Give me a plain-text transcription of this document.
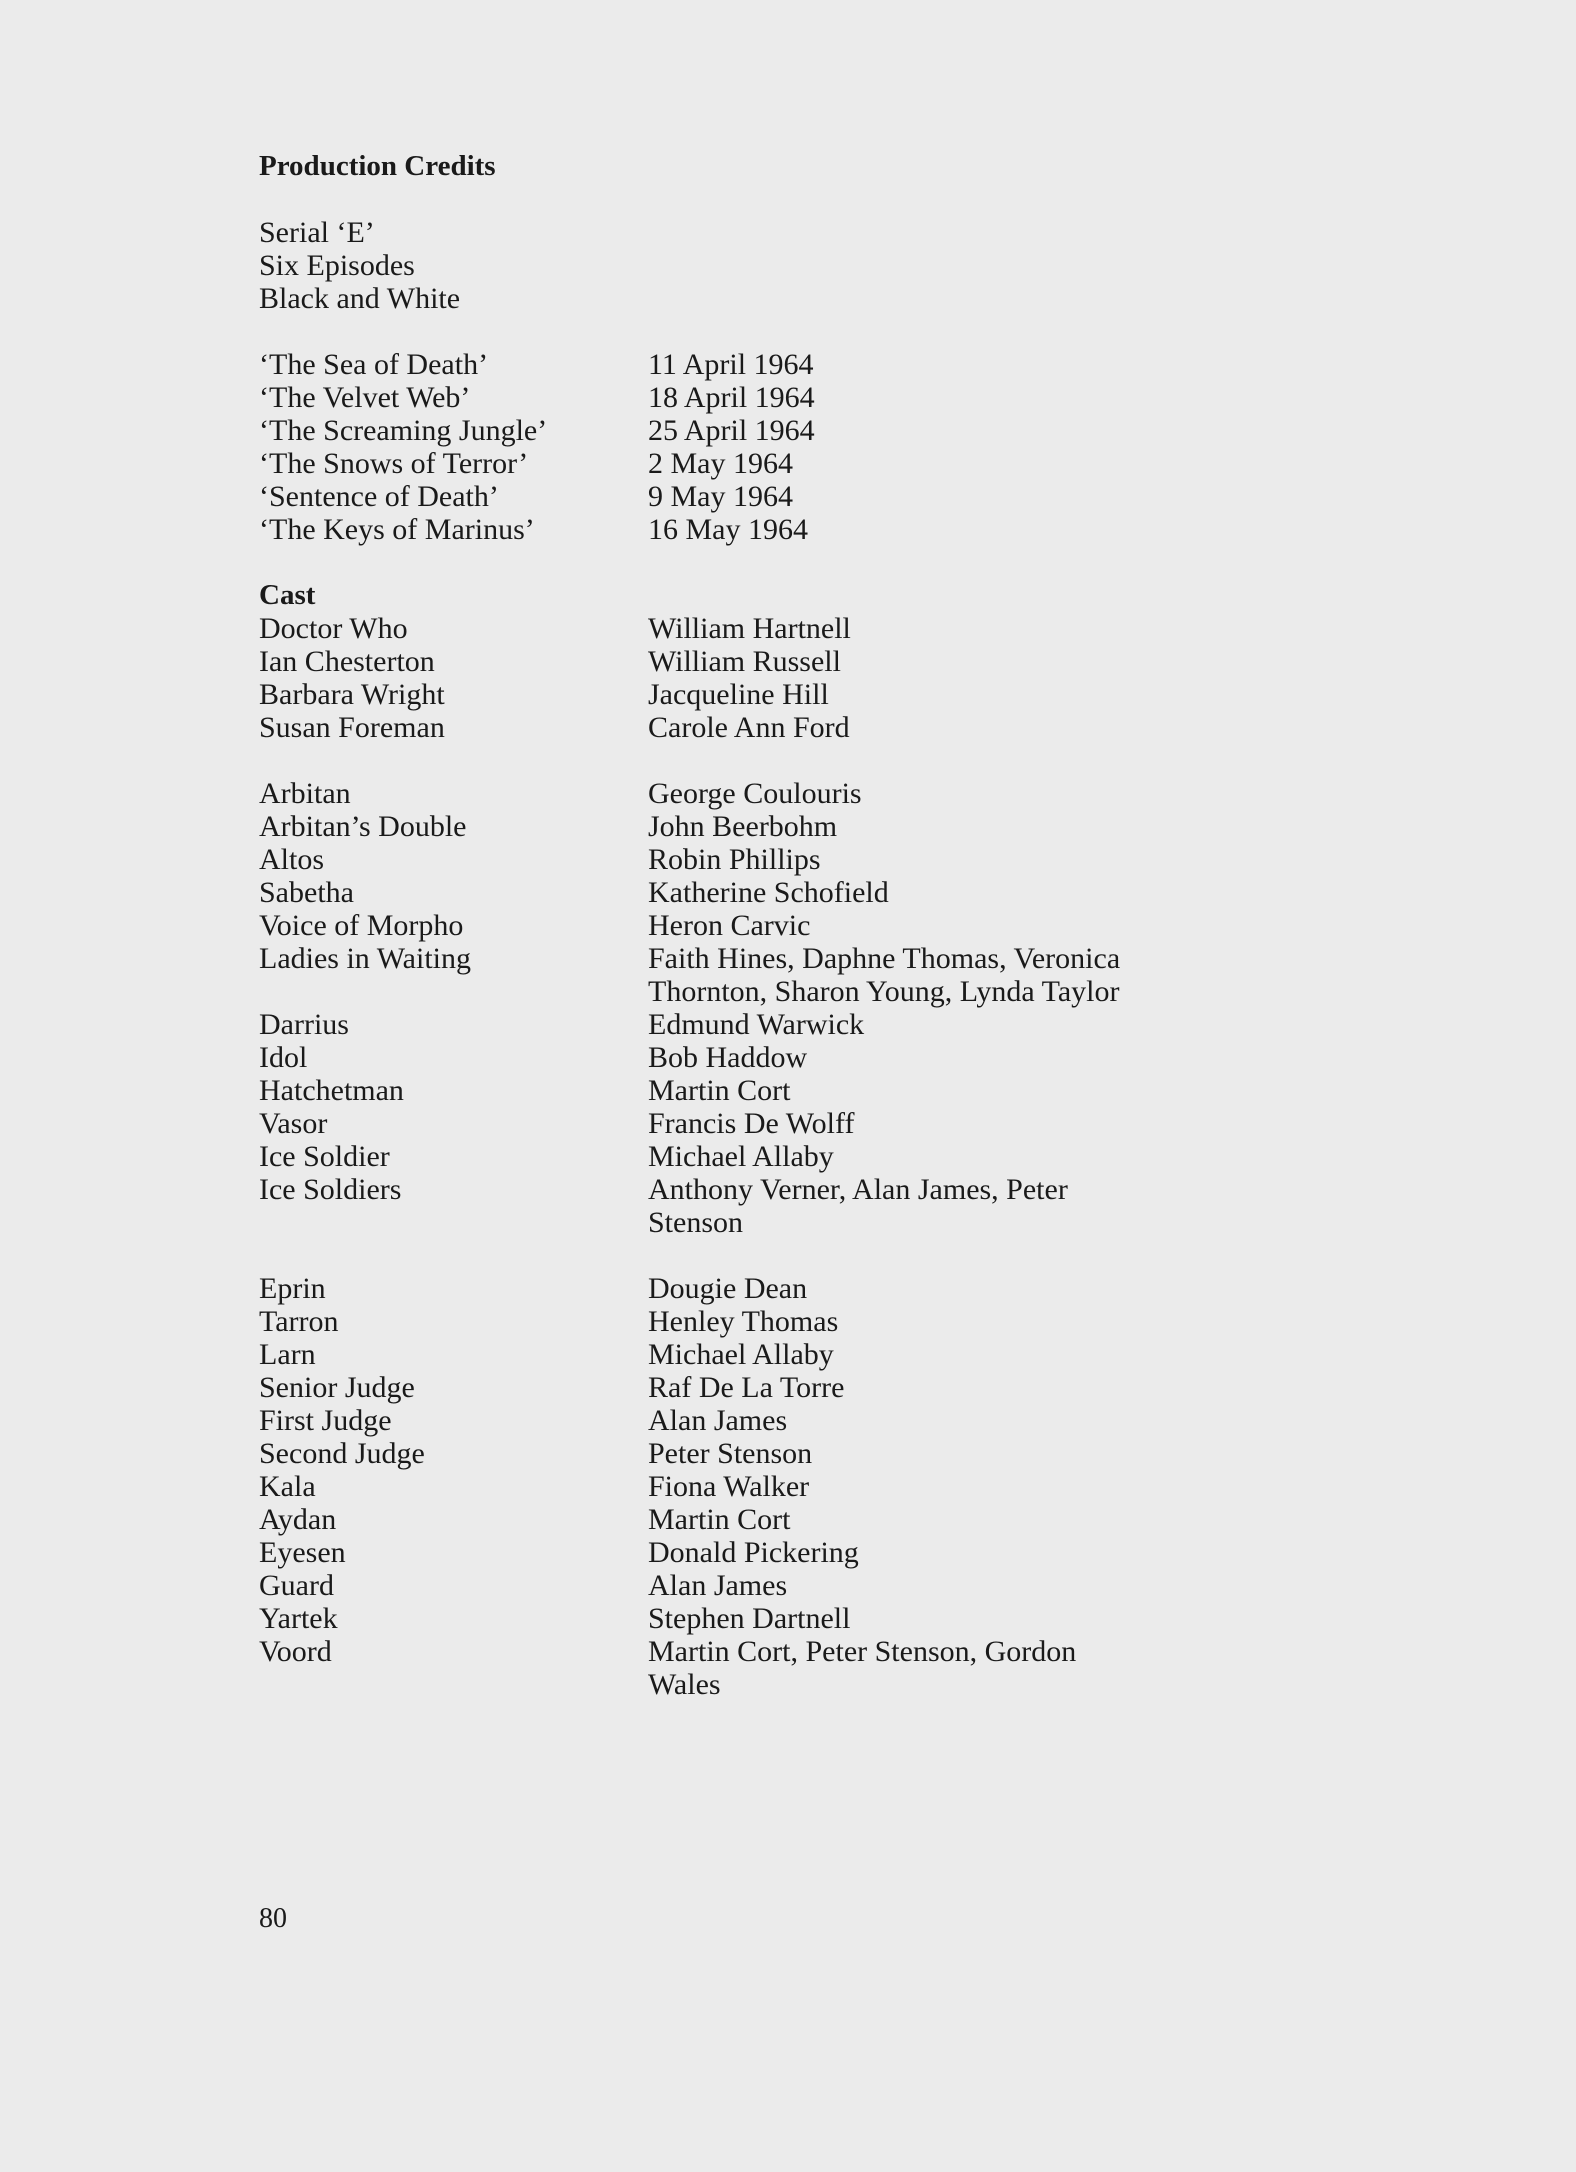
Production Credits
Serial ‘E’
Six Episodes
Black and White
‘The Sea of Death’	11 April 1964
‘The Velvet Web’	18 April 1964
‘The Screaming Jungle’	25 April 1964
‘The Snows of Terror’	2 May 1964
‘Sentence of Death’	9 May 1964
‘The Keys of Marinus’	16 May 1964
Cast
Doctor Who	William Hartnell
Ian Chesterton	William Russell
Barbara Wright	Jacqueline Hill
Susan Foreman	Carole Ann Ford
Arbitan	George Coulouris
Arbitan’s Double	John Beerbohm
Altos	Robin Phillips
Sabetha	Katherine Schofield
Voice of Morpho	Heron Carvic
Ladies in Waiting	Faith Hines, Daphne Thomas, Veronica Thornton, Sharon Young, Lynda Taylor
Darrius	Edmund Warwick
Idol	Bob Haddow
Hatchetman	Martin Cort
Vasor	Francis De Wolff
Ice Soldier	Michael Allaby
Ice Soldiers	Anthony Verner, Alan James, Peter Stenson
Eprin	Dougie Dean
Tarron	Henley Thomas
Larn	Michael Allaby
Senior Judge	Raf De La Torre
First Judge	Alan James
Second Judge	Peter Stenson
Kala	Fiona Walker
Aydan	Martin Cort
Eyesen	Donald Pickering
Guard	Alan James
Yartek	Stephen Dartnell
Voord	Martin Cort, Peter Stenson, Gordon Wales
80
